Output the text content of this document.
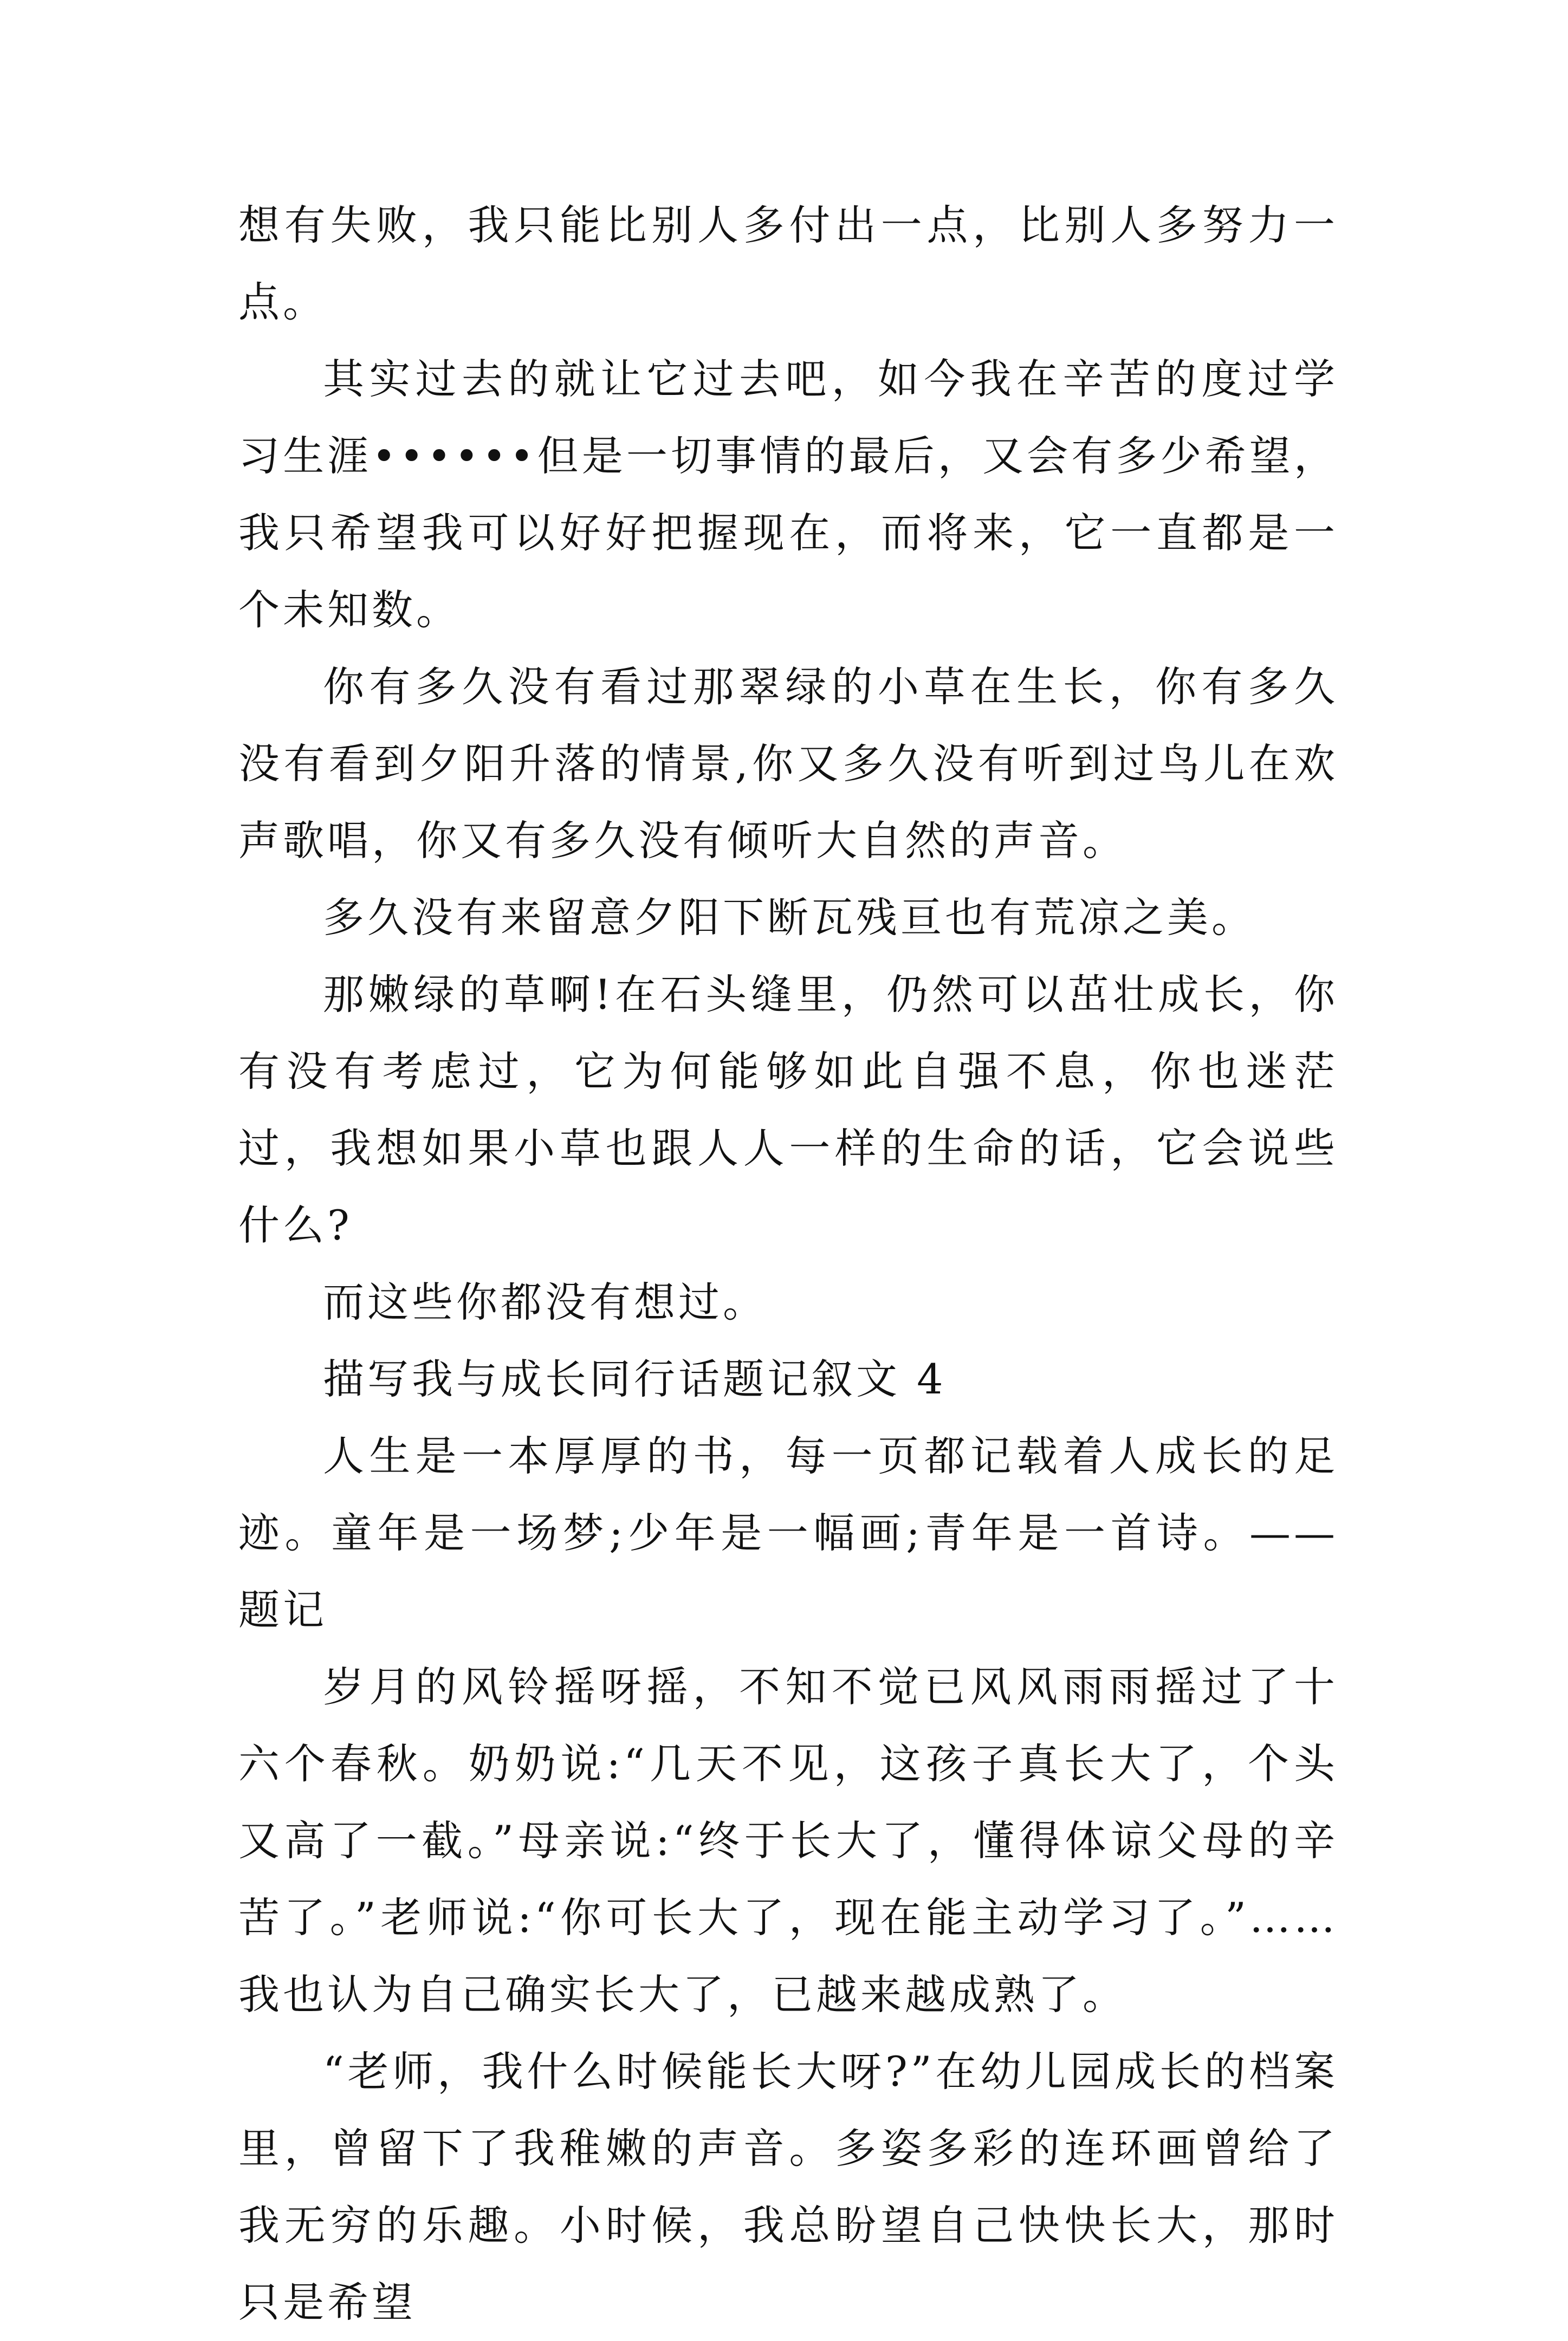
想有失败，我只能比别人多付出一点，比别人多努力一点。

其实过去的就让它过去吧，如今我在辛苦的度过学习生涯••••••但是一切事情的最后，又会有多少希望，我只希望我可以好好把握现在，而将来，它一直都是一个未知数。

你有多久没有看过那翠绿的小草在生长，你有多久没有看到夕阳升落的情景,你又多久没有听到过鸟儿在欢声歌唱，你又有多久没有倾听大自然的声音。

多久没有来留意夕阳下断瓦残亘也有荒凉之美。

那嫩绿的草啊!在石头缝里，仍然可以茁壮成长，你有没有考虑过，它为何能够如此自强不息，你也迷茫过，我想如果小草也跟人人一样的生命的话，它会说些什么?

而这些你都没有想过。

描写我与成长同行话题记叙文 4

人生是一本厚厚的书，每一页都记载着人成长的足迹。童年是一场梦;少年是一幅画;青年是一首诗。——题记

岁月的风铃摇呀摇，不知不觉已风风雨雨摇过了十六个春秋。奶奶说:“几天不见，这孩子真长大了，个头又高了一截。”母亲说:“终于长大了，懂得体谅父母的辛苦了。”老师说:“你可长大了，现在能主动学习了。”……我也认为自己确实长大了，已越来越成熟了。

“老师，我什么时候能长大呀?”在幼儿园成长的档案里，曾留下了我稚嫩的声音。多姿多彩的连环画曾给了我无穷的乐趣。小时候，我总盼望自己快快长大，那时只是希望
